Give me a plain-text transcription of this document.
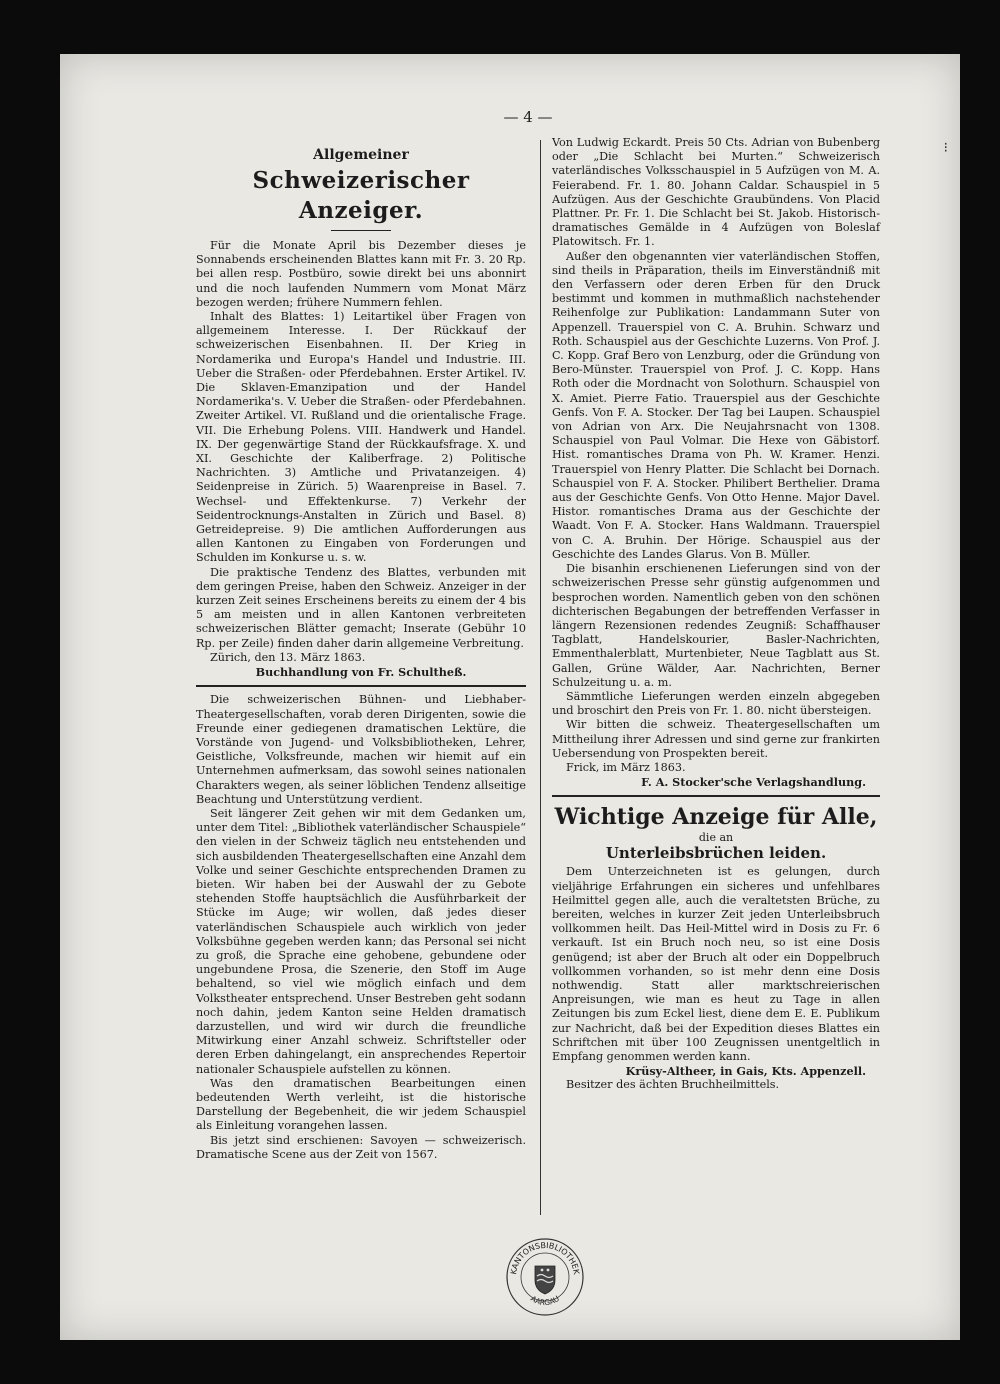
— 4 —
⁝
Allgemeiner
Schweizerischer Anzeiger.

Für die Monate April bis Dezember dieses je Sonnabends erscheinenden Blattes kann mit Fr. 3. 20 Rp. bei allen resp. Postbüro, sowie direkt bei uns abonnirt und die noch laufenden Nummern vom Monat März bezogen werden; frühere Nummern fehlen.

Inhalt des Blattes: 1) Leitartikel über Fragen von allgemeinem Interesse. I. Der Rückkauf der schweizerischen Eisenbahnen. II. Der Krieg in Nordamerika und Europa's Handel und Industrie. III. Ueber die Straßen- oder Pferdebahnen. Erster Artikel. IV. Die Sklaven-Emanzipation und der Handel Nordamerika's. V. Ueber die Straßen- oder Pferdebahnen. Zweiter Artikel. VI. Rußland und die orientalische Frage. VII. Die Erhebung Polens. VIII. Handwerk und Handel. IX. Der gegenwärtige Stand der Rückkaufsfrage. X. und XI. Geschichte der Kaliberfrage. 2) Politische Nachrichten. 3) Amtliche und Privatanzeigen. 4) Seidenpreise in Zürich. 5) Waarenpreise in Basel. 7. Wechsel- und Effektenkurse. 7) Verkehr der Seidentrocknungs-Anstalten in Zürich und Basel. 8) Getreidepreise. 9) Die amtlichen Aufforderungen aus allen Kantonen zu Eingaben von Forderungen und Schulden im Konkurse u. s. w.

Die praktische Tendenz des Blattes, verbunden mit dem geringen Preise, haben den Schweiz. Anzeiger in der kurzen Zeit seines Erscheinens bereits zu einem der 4 bis 5 am meisten und in allen Kantonen verbreiteten schweizerischen Blätter gemacht; Inserate (Gebühr 10 Rp. per Zeile) finden daher darin allgemeine Verbreitung.

Zürich, den 13. März 1863.

Buchhandlung von Fr. Schultheß.

Die schweizerischen Bühnen- und Liebhaber-Theatergesellschaften, vorab deren Dirigenten, sowie die Freunde einer gediegenen dramatischen Lektüre, die Vorstände von Jugend- und Volksbibliotheken, Lehrer, Geistliche, Volksfreunde, machen wir hiemit auf ein Unternehmen aufmerksam, das sowohl seines nationalen Charakters wegen, als seiner löblichen Tendenz allseitige Beachtung und Unterstützung verdient.

Seit längerer Zeit gehen wir mit dem Gedanken um, unter dem Titel: „Bibliothek vaterländischer Schauspiele“ den vielen in der Schweiz täglich neu entstehenden und sich ausbildenden Theatergesellschaften eine Anzahl dem Volke und seiner Geschichte entsprechenden Dramen zu bieten. Wir haben bei der Auswahl der zu Gebote stehenden Stoffe hauptsächlich die Ausführbarkeit der Stücke im Auge; wir wollen, daß jedes dieser vaterländischen Schauspiele auch wirklich von jeder Volksbühne gegeben werden kann; das Personal sei nicht zu groß, die Sprache eine gehobene, gebundene oder ungebundene Prosa, die Szenerie, den Stoff im Auge behaltend, so viel wie möglich einfach und dem Volkstheater entsprechend. Unser Bestreben geht sodann noch dahin, jedem Kanton seine Helden dramatisch darzustellen, und wird wir durch die freundliche Mitwirkung einer Anzahl schweiz. Schriftsteller oder deren Erben dahingelangt, ein ansprechendes Repertoir nationaler Schauspiele aufstellen zu können.

Was den dramatischen Bearbeitungen einen bedeutenden Werth verleiht, ist die historische Darstellung der Begebenheit, die wir jedem Schauspiel als Einleitung vorangehen lassen.

Bis jetzt sind erschienen: Savoyen — schweizerisch. Dramatische Scene aus der Zeit von 1567.

Von Ludwig Eckardt. Preis 50 Cts. Adrian von Bubenberg oder „Die Schlacht bei Murten.“ Schweizerisch vaterländisches Volksschauspiel in 5 Aufzügen von M. A. Feierabend. Fr. 1. 80. Johann Caldar. Schauspiel in 5 Aufzügen. Aus der Geschichte Graubündens. Von Placid Plattner. Pr. Fr. 1. Die Schlacht bei St. Jakob. Historisch-dramatisches Gemälde in 4 Aufzügen von Boleslaf Platowitsch. Fr. 1.

Außer den obgenannten vier vaterländischen Stoffen, sind theils in Präparation, theils im Einverständniß mit den Verfassern oder deren Erben für den Druck bestimmt und kommen in muthmaßlich nachstehender Reihenfolge zur Publikation: Landammann Suter von Appenzell. Trauerspiel von C. A. Bruhin. Schwarz und Roth. Schauspiel aus der Geschichte Luzerns. Von Prof. J. C. Kopp. Graf Bero von Lenzburg, oder die Gründung von Bero-Münster. Trauerspiel von Prof. J. C. Kopp. Hans Roth oder die Mordnacht von Solothurn. Schauspiel von X. Amiet. Pierre Fatio. Trauerspiel aus der Geschichte Genfs. Von F. A. Stocker. Der Tag bei Laupen. Schauspiel von Adrian von Arx. Die Neujahrsnacht von 1308. Schauspiel von Paul Volmar. Die Hexe von Gäbistorf. Hist. romantisches Drama von Ph. W. Kramer. Henzi. Trauerspiel von Henry Platter. Die Schlacht bei Dornach. Schauspiel von F. A. Stocker. Philibert Berthelier. Drama aus der Geschichte Genfs. Von Otto Henne. Major Davel. Histor. romantisches Drama aus der Geschichte der Waadt. Von F. A. Stocker. Hans Waldmann. Trauerspiel von C. A. Bruhin. Der Hörige. Schauspiel aus der Geschichte des Landes Glarus. Von B. Müller.

Die bisanhin erschienenen Lieferungen sind von der schweizerischen Presse sehr günstig aufgenommen und besprochen worden. Namentlich geben von den schönen dichterischen Begabungen der betreffenden Verfasser in längern Rezensionen redendes Zeugniß: Schaffhauser Tagblatt, Handelskourier, Basler-Nachrichten, Emmenthalerblatt, Murtenbieter, Neue Tagblatt aus St. Gallen, Grüne Wälder, Aar. Nachrichten, Berner Schulzeitung u. a. m.

Sämmtliche Lieferungen werden einzeln abgegeben und broschirt den Preis von Fr. 1. 80. nicht übersteigen.

Wir bitten die schweiz. Theatergesellschaften um Mittheilung ihrer Adressen und sind gerne zur frankirten Uebersendung von Prospekten bereit.

Frick, im März 1863.

F. A. Stocker'sche Verlagshandlung.
Wichtige Anzeige für Alle,
die an
Unterleibsbrüchen leiden.

Dem Unterzeichneten ist es gelungen, durch vieljährige Erfahrungen ein sicheres und unfehlbares Heilmittel gegen alle, auch die veraltetsten Brüche, zu bereiten, welches in kurzer Zeit jeden Unterleibsbruch vollkommen heilt. Das Heil-Mittel wird in Dosis zu Fr. 6 verkauft. Ist ein Bruch noch neu, so ist eine Dosis genügend; ist aber der Bruch alt oder ein Doppelbruch vollkommen vorhanden, so ist mehr denn eine Dosis nothwendig. Statt aller marktschreierischen Anpreisungen, wie man es heut zu Tage in allen Zeitungen bis zum Eckel liest, diene dem E. E. Publikum zur Nachricht, daß bei der Expedition dieses Blattes ein Schriftchen mit über 100 Zeugnissen unentgeltlich in Empfang genommen werden kann.

Krüsy-Altheer, in Gais, Kts. Appenzell.

Besitzer des ächten Bruchheilmittels.

KANTONSBIBLIOTHEK
AARGAU
